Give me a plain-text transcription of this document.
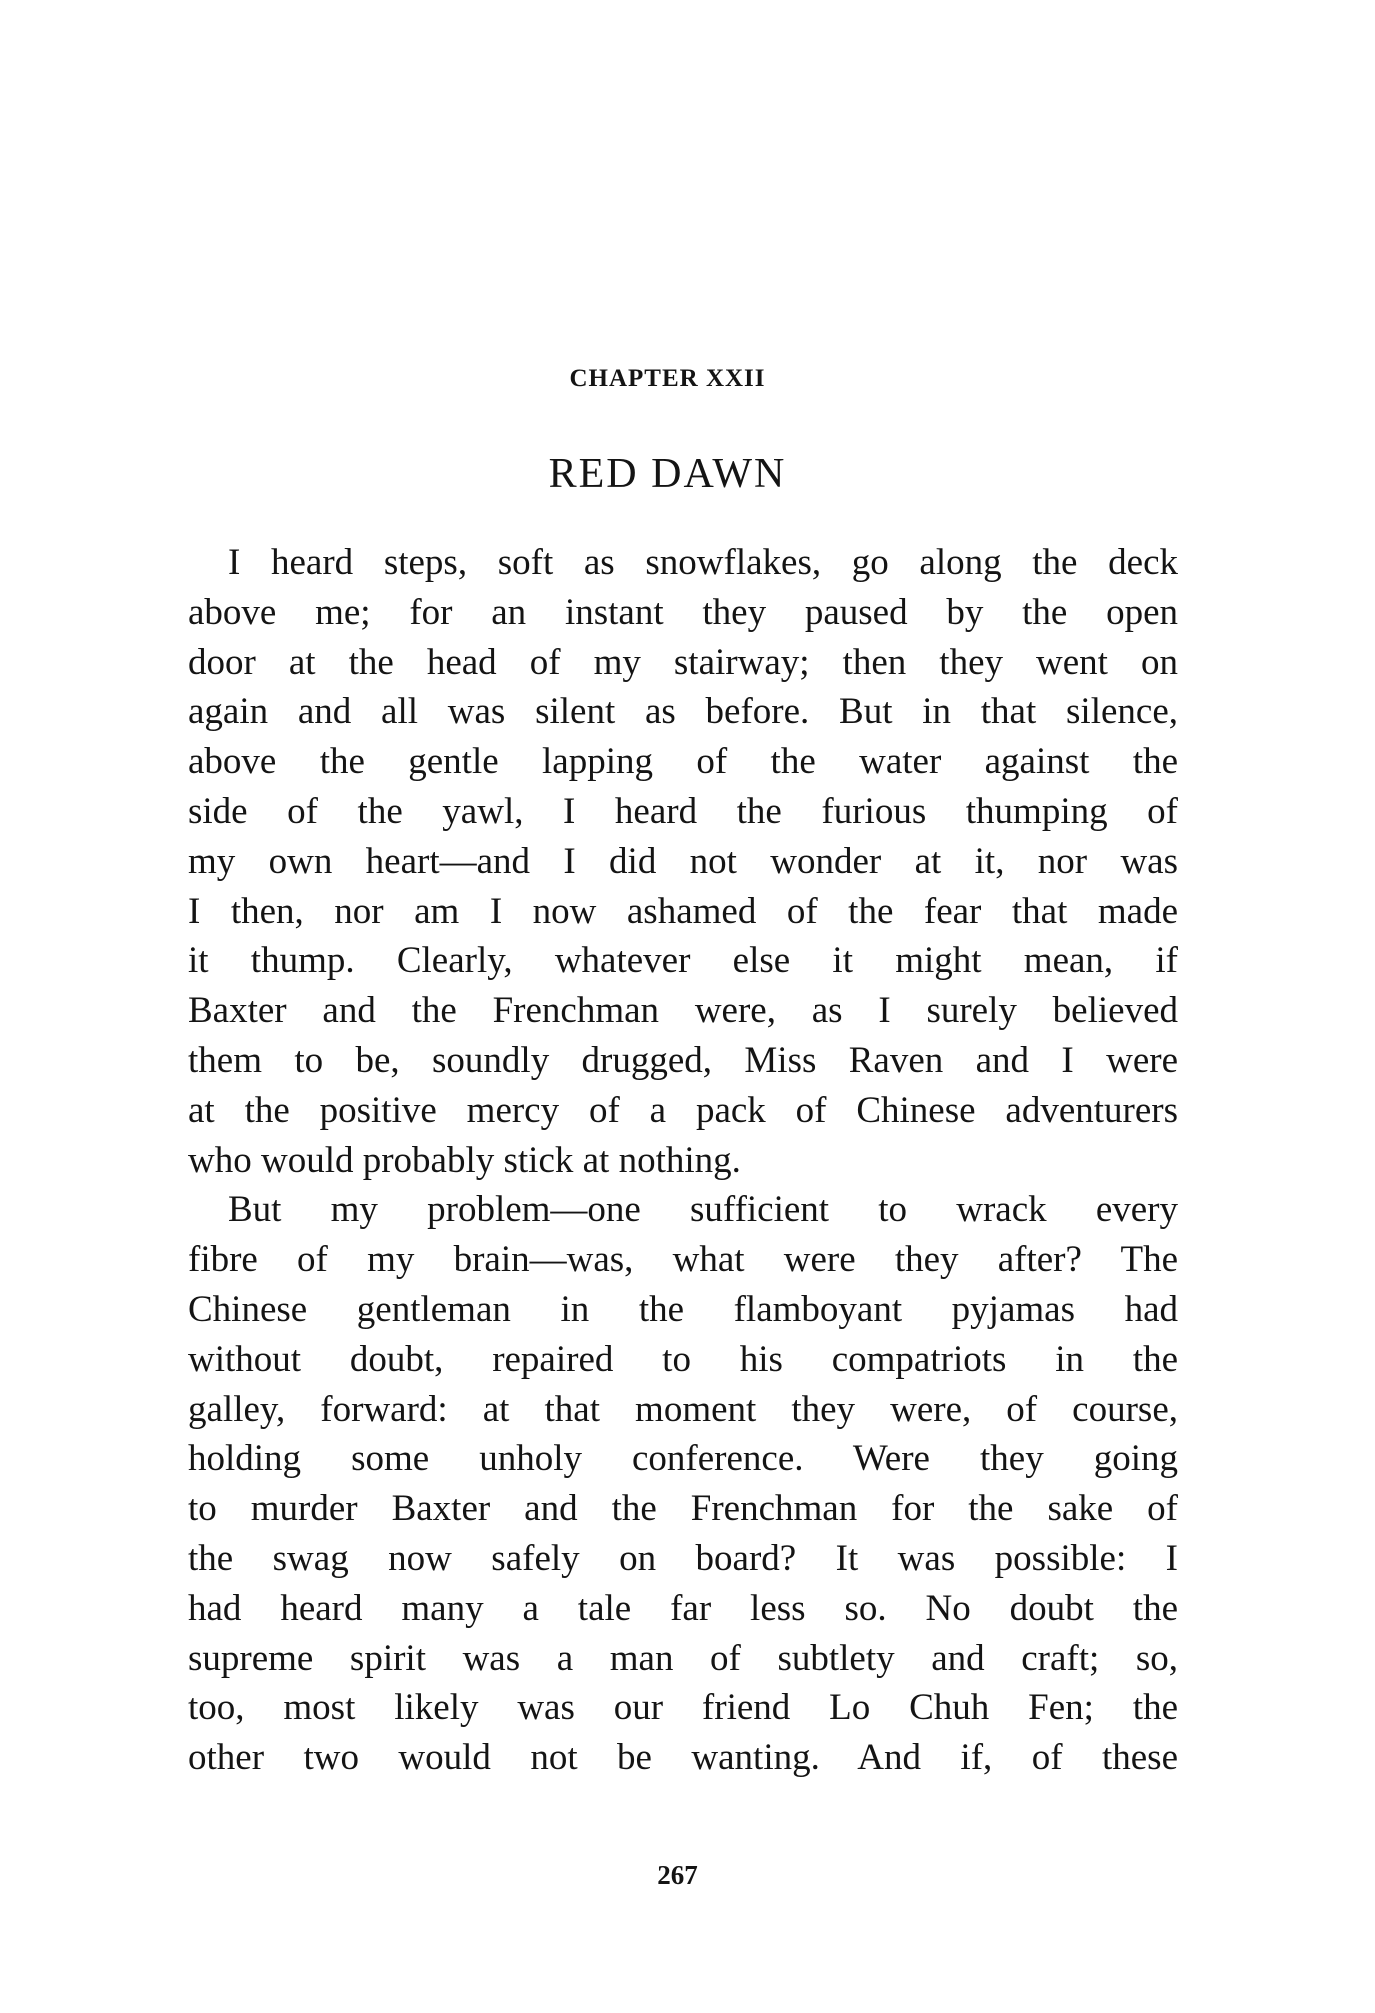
CHAPTER XXII
RED DAWN
I heard steps, soft as snowflakes, go along the deck
above me; for an instant they paused by the open
door at the head of my stairway; then they went on
again and all was silent as before. But in that silence,
above the gentle lapping of the water against the
side of the yawl, I heard the furious thumping of
my own heart—and I did not wonder at it, nor was
I then, nor am I now ashamed of the fear that made
it thump. Clearly, whatever else it might mean, if
Baxter and the Frenchman were, as I surely believed
them to be, soundly drugged, Miss Raven and I were
at the positive mercy of a pack of Chinese adventurers
who would probably stick at nothing.
But my problem—one sufficient to wrack every
fibre of my brain—was, what were they after? The
Chinese gentleman in the flamboyant pyjamas had
without doubt, repaired to his compatriots in the
galley, forward: at that moment they were, of course,
holding some unholy conference. Were they going
to murder Baxter and the Frenchman for the sake of
the swag now safely on board? It was possible: I
had heard many a tale far less so. No doubt the
supreme spirit was a man of subtlety and craft; so,
too, most likely was our friend Lo Chuh Fen; the
other two would not be wanting. And if, of these
267
